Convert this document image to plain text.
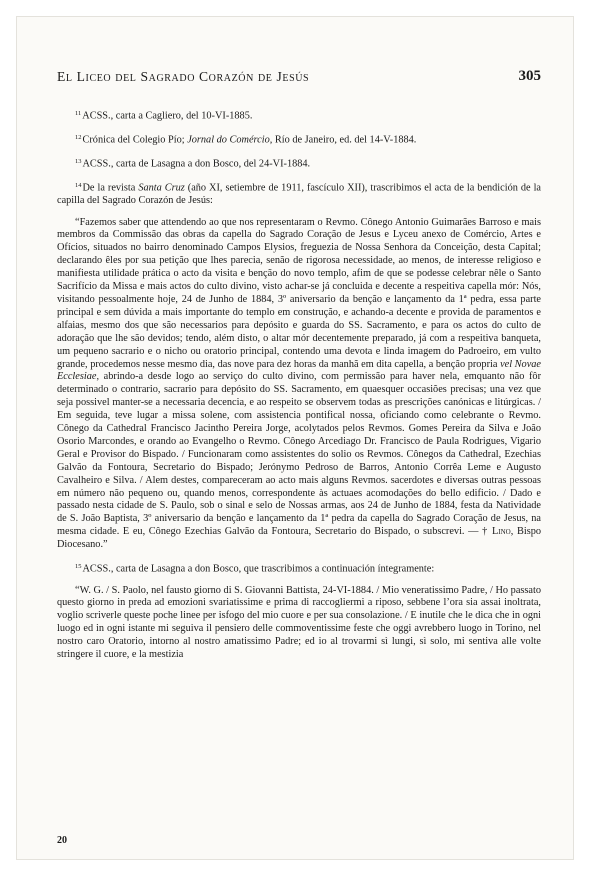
El Liceo del Sagrado Corazón de Jesús	305

$^{11}$ACSS., carta a Cagliero, del 10-VI-1885.

$^{12}$Crónica del Colegio Pío; Jornal do Comércio, Río de Janeiro, ed. del 14-V-1884.

$^{13}$ACSS., carta de Lasagna a don Bosco, del 24-VI-1884.

$^{14}$De la revista Santa Cruz (año XI, setiembre de 1911, fascículo XII), trascribimos el acta de la bendición de la capilla del Sagrado Corazón de Jesús:

“Fazemos saber que attendendo ao que nos representaram o Revmo. Cônego Antonio Guimarães Barroso e mais membros da Commissão das obras da capella do Sagrado Coração de Jesus e Lyceu anexo de Comércio, Artes e Ofícios, situados no bairro denominado Campos Elysios, freguezia de Nossa Senhora da Conceição, desta Capital; declarando êles por sua petição que lhes parecia, senão de rigorosa necessidade, ao menos, de interesse religioso e manifiesta utilidade prática o acto da visita e benção do novo templo, afim de que se podesse celebrar nêle o Santo Sacrifício da Missa e mais actos do culto divino, visto achar-se já concluida e decente a respeitiva capella mór: Nós, visitando pessoalmente hoje, 24 de Junho de 1884, 3º aniversario da benção e lançamento da 1ª pedra, essa parte principal e sem dúvida a mais importante do templo em construção, e achando-a decente e provida de paramentos e alfaias, mesmo dos que são necessarios para depósito e guarda do SS. Sacramento, e para os actos do culto de adoração que lhe são devidos; tendo, além disto, o altar mór decentemente preparado, já com a respeitiva banqueta, um pequeno sacrario e o nicho ou oratorio principal, contendo uma devota e linda imagem do Padroeiro, em vulto grande, procedemos nesse mesmo dia, das nove para dez horas da manhã em dita capella, a benção propria vel Novae Ecclesiae, abrindo-a desde logo ao serviço do culto divino, com permissão para haver nela, emquanto não fôr determinado o contrario, sacrario para depósito do SS. Sacramento, em quaesquer occasiões precisas; una vez que seja possivel manter-se a necessaria decencia, e ao respeito se observem todas as prescrições canónicas e litúrgicas. / Em seguida, teve lugar a missa solene, com assistencia pontifical nossa, oficiando como celebrante o Revmo. Cônego da Cathedral Francisco Jacintho Pereira Jorge, acolytados pelos Revmos. Gomes Pereira da Silva e João Osorio Marcondes, e orando ao Evangelho o Revmo. Cônego Arcediago Dr. Francisco de Paula Rodrigues, Vigario Geral e Provisor do Bispado. / Funcionaram como assistentes do solio os Revmos. Cônegos da Cathedral, Ezechias Galvão da Fontoura, Secretario do Bispado; Jerónymo Pedroso de Barros, Antonio Corrêa Leme e Augusto Cavalheiro e Silva. / Alem destes, compareceram ao acto mais alguns Revmos. sacerdotes e diversas outras pessoas em número não pequeno ou, quando menos, correspondente às actuaes acomodações do bello edificio. / Dado e passado nesta cidade de S. Paulo, sob o sinal e selo de Nossas armas, aos 24 de Junho de 1884, festa da Natividade de S. João Baptista, 3º aniversario da benção e lançamento da 1ª pedra da capella do Sagrado Coração de Jesus, na mesma cidade. E eu, Cônego Ezechias Galvão da Fontoura, Secretario do Bispado, o subscrevi. — † Lino, Bispo Diocesano.”

$^{15}$ACSS., carta de Lasagna a don Bosco, que trascribimos a continuación íntegramente:

“W. G. / S. Paolo, nel fausto giorno di S. Giovanni Battista, 24-VI-1884. / Mio veneratissimo Padre, / Ho passato questo giorno in preda ad emozioni svariatissime e prima di raccogliermi a riposo, sebbene l’ora sia assai inoltrata, voglio scriverle queste poche linee per isfogo del mio cuore e per sua consolazione. / E inutile che le dica che in ogni luogo ed in ogni istante mi seguiva il pensiero delle commoventissime feste che oggi avrebbero luogo in Torino, nel nostro caro Oratorio, intorno al nostro amatissimo Padre; ed io al trovarmi sì lungi, sì solo, mi sentiva alle volte stringere il cuore, e la mestizia

20
